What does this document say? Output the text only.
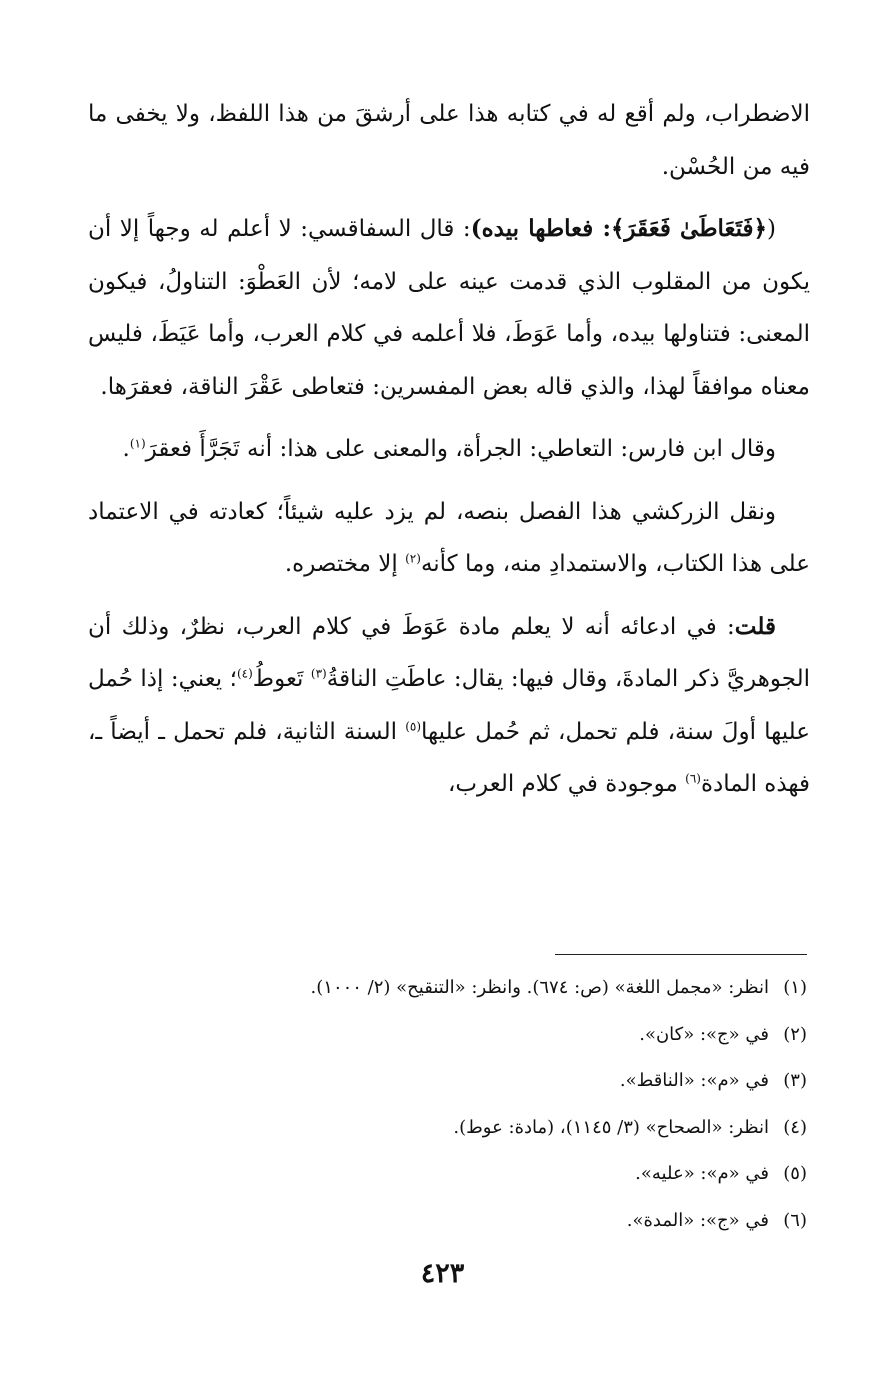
الاضطراب، ولم أقع له في كتابه هذا على أرشقَ من هذا اللفظ، ولا يخفى ما فيه من الحُسْن.

(﴿فَتَعَاطَىٰ فَعَقَرَ﴾: فعاطها بيده): قال السفاقسي: لا أعلم له وجهاً إلا أن يكون من المقلوب الذي قدمت عينه على لامه؛ لأن العَطْوَ: التناولُ، فيكون المعنى: فتناولها بيده، وأما عَوَطَ، فلا أعلمه في كلام العرب، وأما عَيَطَ، فليس معناه موافقاً لهذا، والذي قاله بعض المفسرين: فتعاطى عَقْرَ الناقة، فعقرَها.

وقال ابن فارس: التعاطي: الجرأة، والمعنى على هذا: أنه تَجَرَّأَ فعقرَ$^{(١)}$.

ونقل الزركشي هذا الفصل بنصه، لم يزد عليه شيئاً؛ كعادته في الاعتماد على هذا الكتاب، والاستمدادِ منه، وما كأنه$^{(٢)}$ إلا مختصره.

قلت: في ادعائه أنه لا يعلم مادة عَوَطَ في كلام العرب، نظرٌ، وذلك أن الجوهريَّ ذكر المادةَ، وقال فيها: يقال: عاطَتِ الناقةُ$^{(٣)}$ تَعوطُ$^{(٤)}$؛ يعني: إذا حُمل عليها أولَ سنة، فلم تحمل، ثم حُمل عليها$^{(٥)}$ السنة الثانية، فلم تحمل ـ أيضاً ـ، فهذه المادة$^{(٦)}$ موجودة في كلام العرب،

(١)انظر: «مجمل اللغة» (ص: ٦٧٤). وانظر: «التنقيح» (٢/ ١٠٠٠).
(٢)في «ج»: «كان».
(٣)في «م»: «الناقط».
(٤)انظر: «الصحاح» (٣/ ١١٤٥)، (مادة: عوط).
(٥)في «م»: «عليه».
(٦)في «ج»: «المدة».
٤٢٣
